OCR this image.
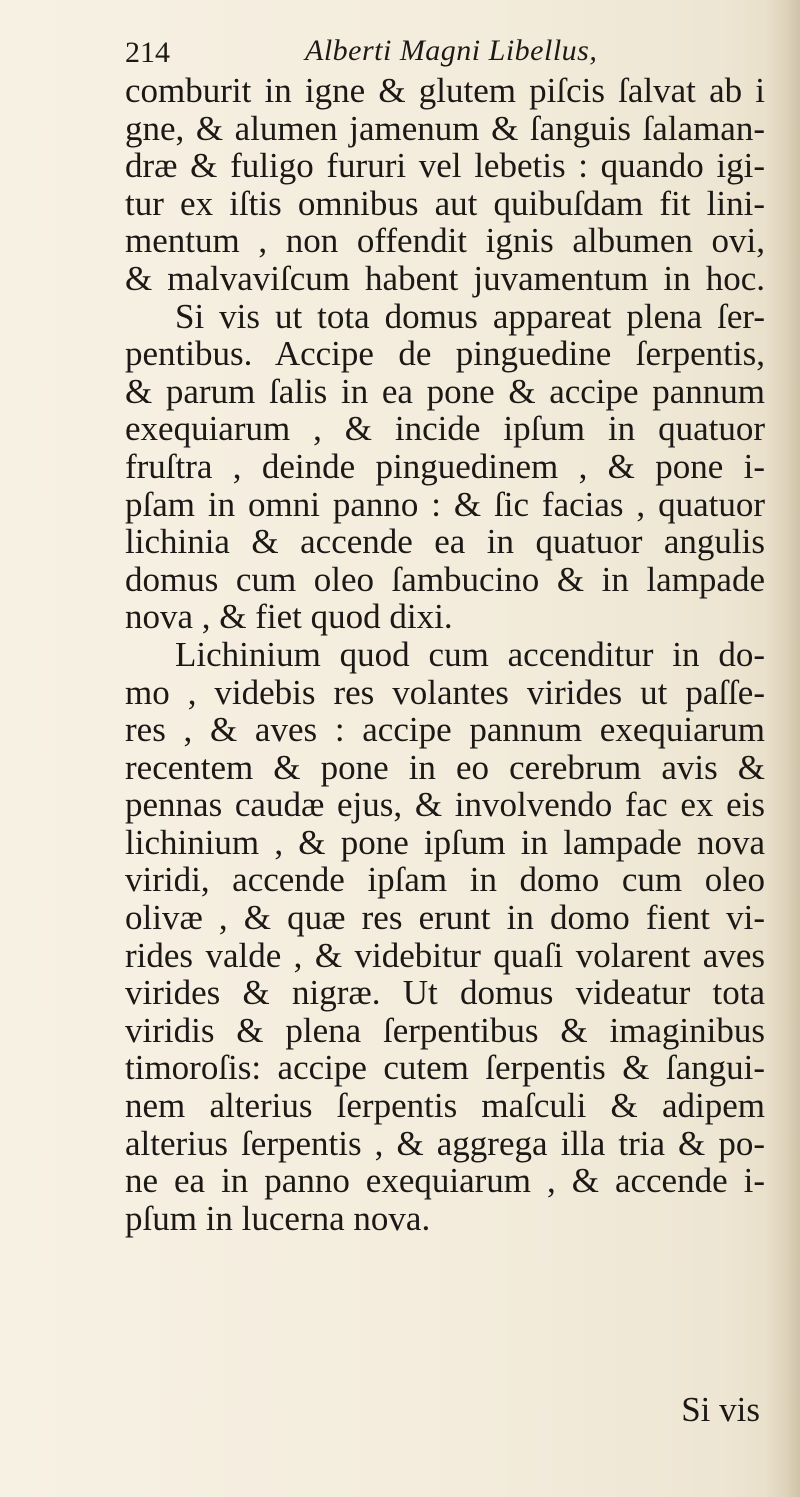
214	Alberti Magni Libellus,
comburit in igne & glutem piſcis ſalvat ab i
gne, & alumen jamenum & ſanguis ſalaman-
dræ & fuligo fururi vel lebetis : quando igi-
tur ex iſtis omnibus aut quibuſdam fit lini-
mentum , non offendit ignis albumen ovi,
& malvaviſcum habent juvamentum in hoc.
Si vis ut tota domus appareat plena ſer-
pentibus. Accipe de pinguedine ſerpentis,
& parum ſalis in ea pone & accipe pannum
exequiarum , & incide ipſum in quatuor
fruſtra , deinde pinguedinem , & pone i-
pſam in omni panno : & ſic facias , quatuor
lichinia & accende ea in quatuor angulis
domus cum oleo ſambucino & in lampade
nova , & fiet quod dixi.
Lichinium quod cum accenditur in do-
mo , videbis res volantes virides ut paſſe-
res , & aves : accipe pannum exequiarum
recentem & pone in eo cerebrum avis &
pennas caudæ ejus, & involvendo fac ex eis
lichinium , & pone ipſum in lampade nova
viridi, accende ipſam in domo cum oleo
olivæ , & quæ res erunt in domo fient vi-
rides valde , & videbitur quaſi volarent aves
virides & nigræ. Ut domus videatur tota
viridis & plena ſerpentibus & imaginibus
timoroſis: accipe cutem ſerpentis & ſangui-
nem alterius ſerpentis maſculi & adipem
alterius ſerpentis , & aggrega illa tria & po-
ne ea in panno exequiarum , & accende i-
pſum in lucerna nova.
Si vis
